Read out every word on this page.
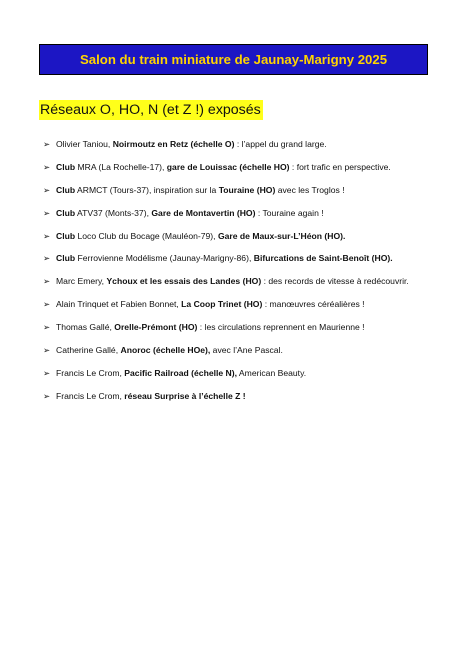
Salon du train miniature de Jaunay-Marigny 2025
Réseaux O, HO, N (et Z !) exposés
➢ Olivier Taniou, Noirmoutz en Retz (échelle O) : l’appel du grand large.
➢ Club MRA (La Rochelle-17), gare de Louissac (échelle HO) : fort trafic en perspective.
➢ Club ARMCT (Tours-37), inspiration sur la Touraine (HO) avec les Troglos !
➢ Club ATV37 (Monts-37), Gare de Montavertin (HO) : Touraine again !
➢ Club Loco Club du Bocage (Mauléon-79), Gare de Maux-sur-L’Héon (HO).
➢ Club Ferrovienne Modélisme (Jaunay-Marigny-86), Bifurcations de Saint-Benoît (HO).
➢ Marc Emery, Ychoux et les essais des Landes (HO) : des records de vitesse à redécouvrir.
➢ Alain Trinquet et Fabien Bonnet, La Coop Trinet (HO) : manœuvres céréalières !
➢ Thomas Gallé, Orelle-Prémont (HO) : les circulations reprennent en Maurienne !
➢ Catherine Gallé, Anoroc (échelle HOe), avec l’Ane Pascal.
➢ Francis Le Crom, Pacific Railroad (échelle N), American Beauty.
➢ Francis Le Crom, réseau Surprise à l’échelle Z !
